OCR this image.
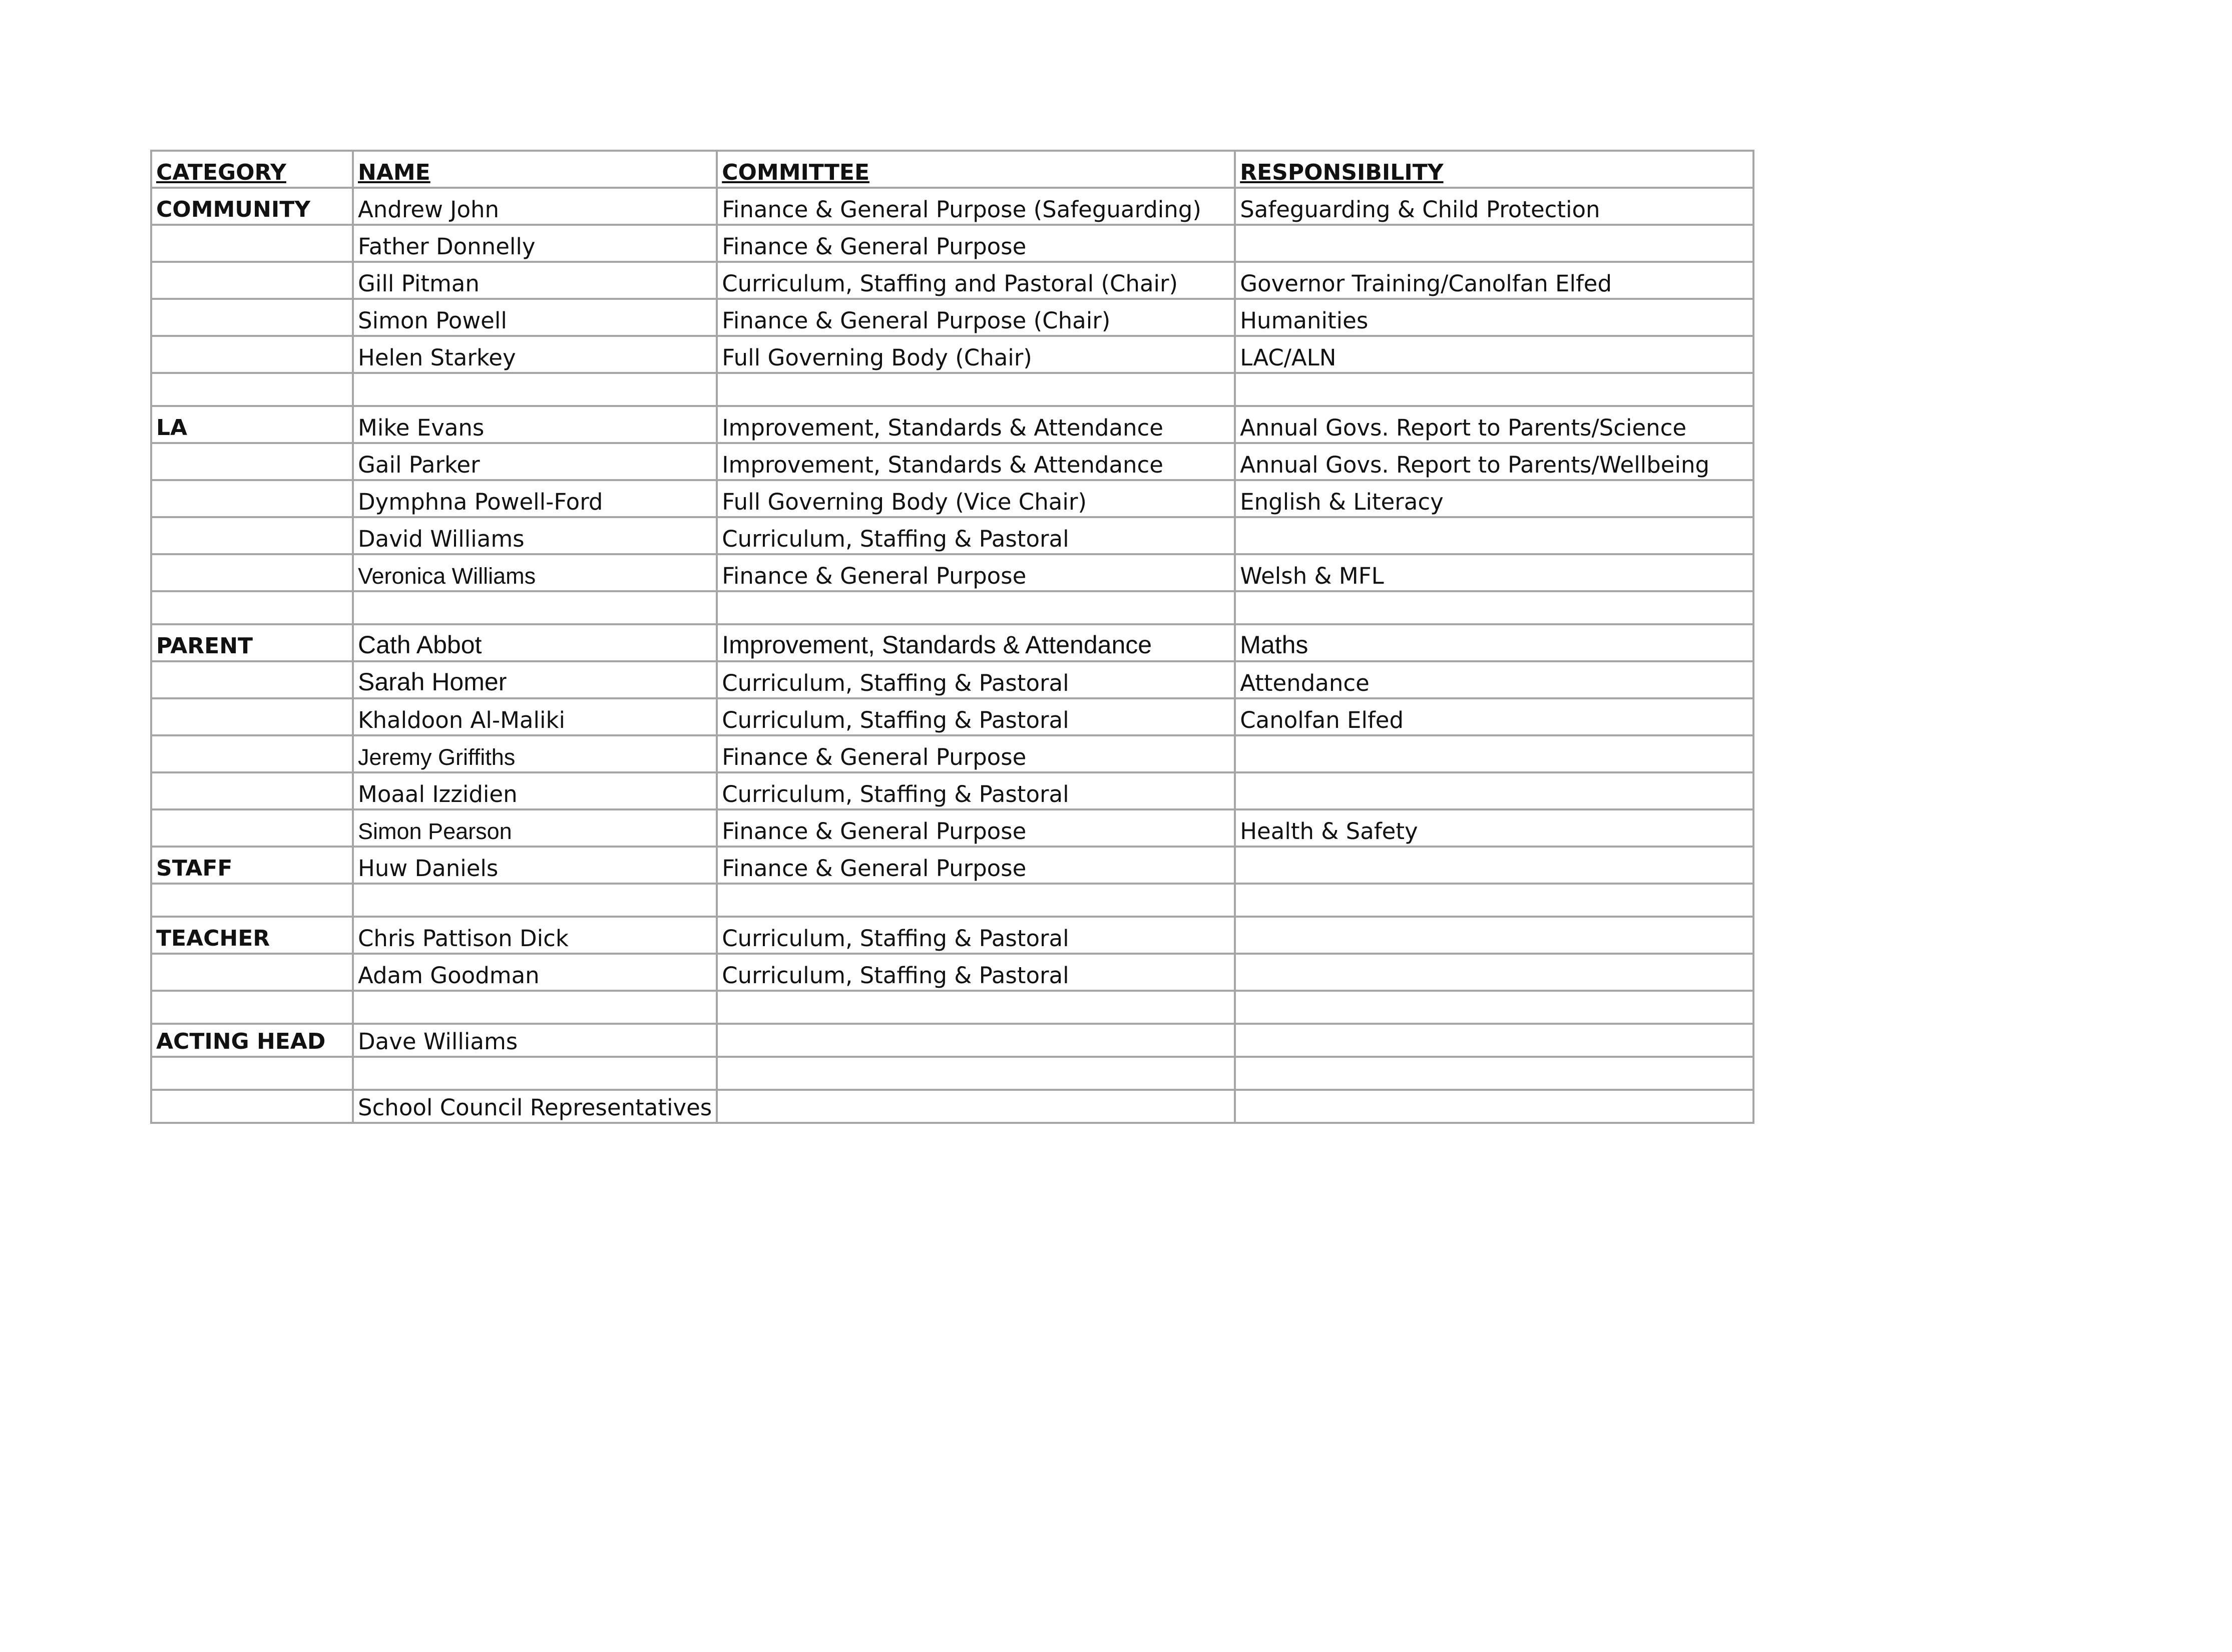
CATEGORY	NAME	COMMITTEE	RESPONSIBILITY
COMMUNITY	Andrew John	Finance & General Purpose (Safeguarding)	Safeguarding & Child Protection
	Father Donnelly	Finance & General Purpose	
	Gill Pitman	Curriculum, Staffing and Pastoral (Chair)	Governor Training/Canolfan Elfed
	Simon Powell	Finance & General Purpose (Chair)	Humanities
	Helen Starkey	Full Governing Body (Chair)	LAC/ALN

LA	Mike Evans	Improvement, Standards & Attendance	Annual Govs. Report to Parents/Science
	Gail Parker	Improvement, Standards & Attendance	Annual Govs. Report to Parents/Wellbeing
	Dymphna Powell-Ford	Full Governing Body (Vice Chair)	English & Literacy
	David Williams	Curriculum, Staffing & Pastoral	
	Veronica Williams	Finance & General Purpose	Welsh & MFL

PARENT	Cath Abbot	Improvement, Standards & Attendance	Maths
	Sarah Homer	Curriculum, Staffing & Pastoral	Attendance
	Khaldoon Al-Maliki	Curriculum, Staffing & Pastoral	Canolfan Elfed
	Jeremy Griffiths	Finance & General Purpose	
	Moaal Izzidien	Curriculum, Staffing & Pastoral	
	Simon Pearson	Finance & General Purpose	Health & Safety
STAFF	Huw Daniels	Finance & General Purpose	

TEACHER	Chris Pattison Dick	Curriculum, Staffing & Pastoral	
	Adam Goodman	Curriculum, Staffing & Pastoral	

ACTING HEAD	Dave Williams		

	School Council Representatives		
